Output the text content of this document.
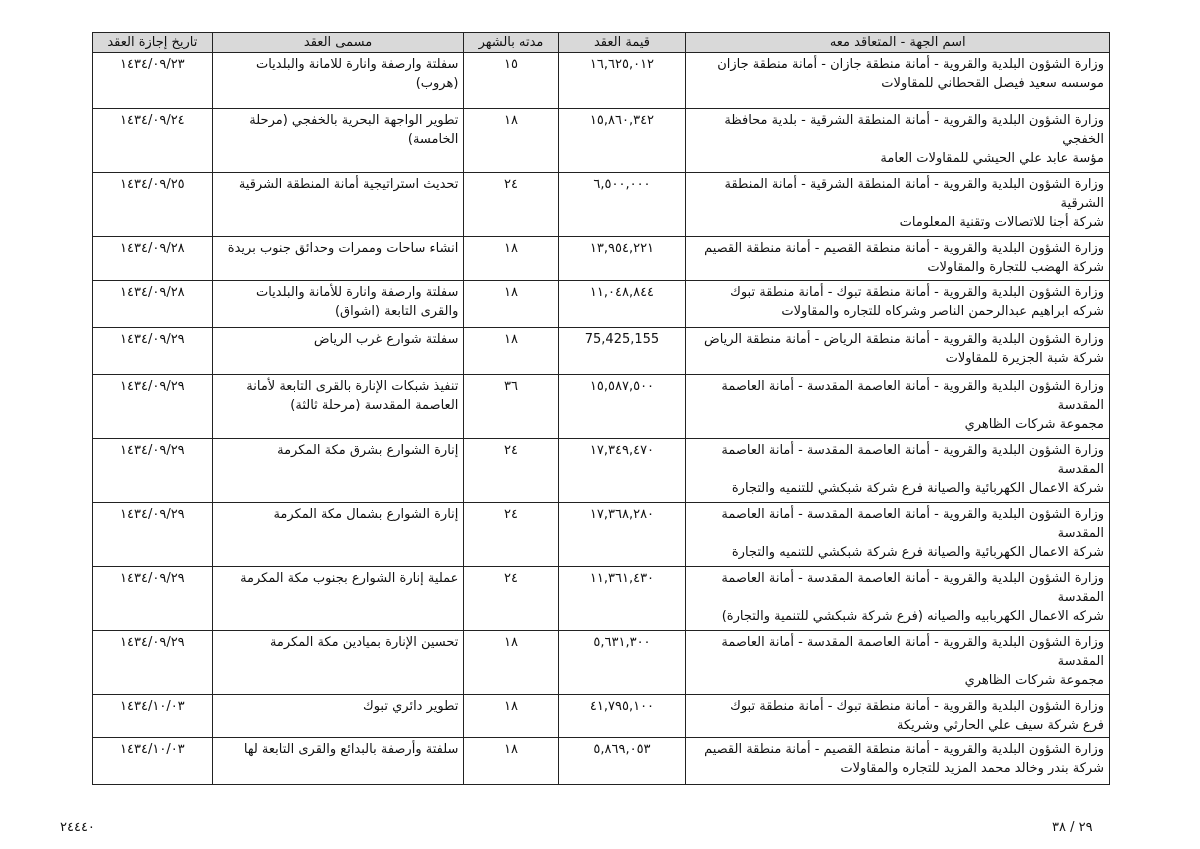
اسم الجهة - المتعاقد معه	قيمة العقد	مدته بالشهر	مسمى العقد	تاريخ إجازة العقد

وزارة الشؤون البلدية والقروية - أمانة منطقة جازان - أمانة منطقة جازان
موسسه سعيد فيصل القحطاني للمقاولات	١٦,٦٢٥,٠١٢	١٥	سفلتة وارصفة وانارة للامانة والبلديات (هروب)	١٤٣٤/٠٩/٢٣

وزارة الشؤون البلدية والقروية - أمانة المنطقة الشرقية - بلدية محافظة
الخفجي
مؤسة عابد علي الحيشي للمقاولات العامة	١٥,٨٦٠,٣٤٢	١٨	تطوير الواجهة البحرية بالخفجي (مرحلة الخامسة)	١٤٣٤/٠٩/٢٤

وزارة الشؤون البلدية والقروية - أمانة المنطقة الشرقية - أمانة المنطقة
الشرقية
شركة أجنا للاتصالات وتقنية المعلومات	٦,٥٠٠,٠٠٠	٢٤	تحديث استراتيجية أمانة المنطقة الشرقية	١٤٣٤/٠٩/٢٥

وزارة الشؤون البلدية والقروية - أمانة منطقة القصيم - أمانة منطقة القصيم
شركة الهضب للتجارة والمقاولات	١٣,٩٥٤,٢٢١	١٨	انشاء ساحات وممرات وحدائق جنوب بريدة	١٤٣٤/٠٩/٢٨

وزارة الشؤون البلدية والقروية - أمانة منطقة تبوك - أمانة منطقة تبوك
شركه ابراهيم عبدالرحمن الناصر وشركاه للتجاره والمقاولات	١١,٠٤٨,٨٤٤	١٨	سفلتة وارصفة وانارة للأمانة والبلديات والقرى التابعة (اشواق)	١٤٣٤/٠٩/٢٨

وزارة الشؤون البلدية والقروية - أمانة منطقة الرياض - أمانة منطقة الرياض
شركة شبة الجزيرة للمقاولات	75,425,155	١٨	سفلتة شوارع غرب الرياض	١٤٣٤/٠٩/٢٩

وزارة الشؤون البلدية والقروية - أمانة العاصمة المقدسة - أمانة العاصمة
المقدسة
مجموعة شركات الظاهري	١٥,٥٨٧,٥٠٠	٣٦	تنفيذ شبكات الإنارة بالقرى التابعة لأمانة العاصمة المقدسة (مرحلة ثالثة)	١٤٣٤/٠٩/٢٩

وزارة الشؤون البلدية والقروية - أمانة العاصمة المقدسة - أمانة العاصمة
المقدسة
شركة الاعمال الكهربائية والصيانة فرع شركة شبكشي للتنميه والتجارة	١٧,٣٤٩,٤٧٠	٢٤	إنارة الشوارع بشرق مكة المكرمة	١٤٣٤/٠٩/٢٩

وزارة الشؤون البلدية والقروية - أمانة العاصمة المقدسة - أمانة العاصمة
المقدسة
شركة الاعمال الكهربائية والصيانة فرع شركة شبكشي للتنميه والتجارة	١٧,٣٦٨,٢٨٠	٢٤	إنارة الشوارع بشمال مكة المكرمة	١٤٣٤/٠٩/٢٩

وزارة الشؤون البلدية والقروية - أمانة العاصمة المقدسة - أمانة العاصمة
المقدسة
شركه الاعمال الكهربابيه والصيانه (فرع شركة شبكشي للتنمية والتجارة)	١١,٣٦١,٤٣٠	٢٤	عملية إنارة الشوارع بجنوب مكة المكرمة	١٤٣٤/٠٩/٢٩

وزارة الشؤون البلدية والقروية - أمانة العاصمة المقدسة - أمانة العاصمة
المقدسة
مجموعة شركات الظاهري	٥,٦٣١,٣٠٠	١٨	تحسين الإنارة بميادين مكة المكرمة	١٤٣٤/٠٩/٢٩

وزارة الشؤون البلدية والقروية - أمانة منطقة تبوك - أمانة منطقة تبوك
فرع شركة سيف علي الحارثي وشريكة	٤١,٧٩٥,١٠٠	١٨	تطوير دائري تبوك	١٤٣٤/١٠/٠٣

وزارة الشؤون البلدية والقروية - أمانة منطقة القصيم - أمانة منطقة القصيم
شركة بندر وخالد محمد المزيد للتجاره والمقاولات	٥,٨٦٩,٠٥٣	١٨	سلفتة وأرصفة بالبدائع والقرى التابعة لها	١٤٣٤/١٠/٠٣
٢٤٤٤٠	٢٩ / ٣٨
